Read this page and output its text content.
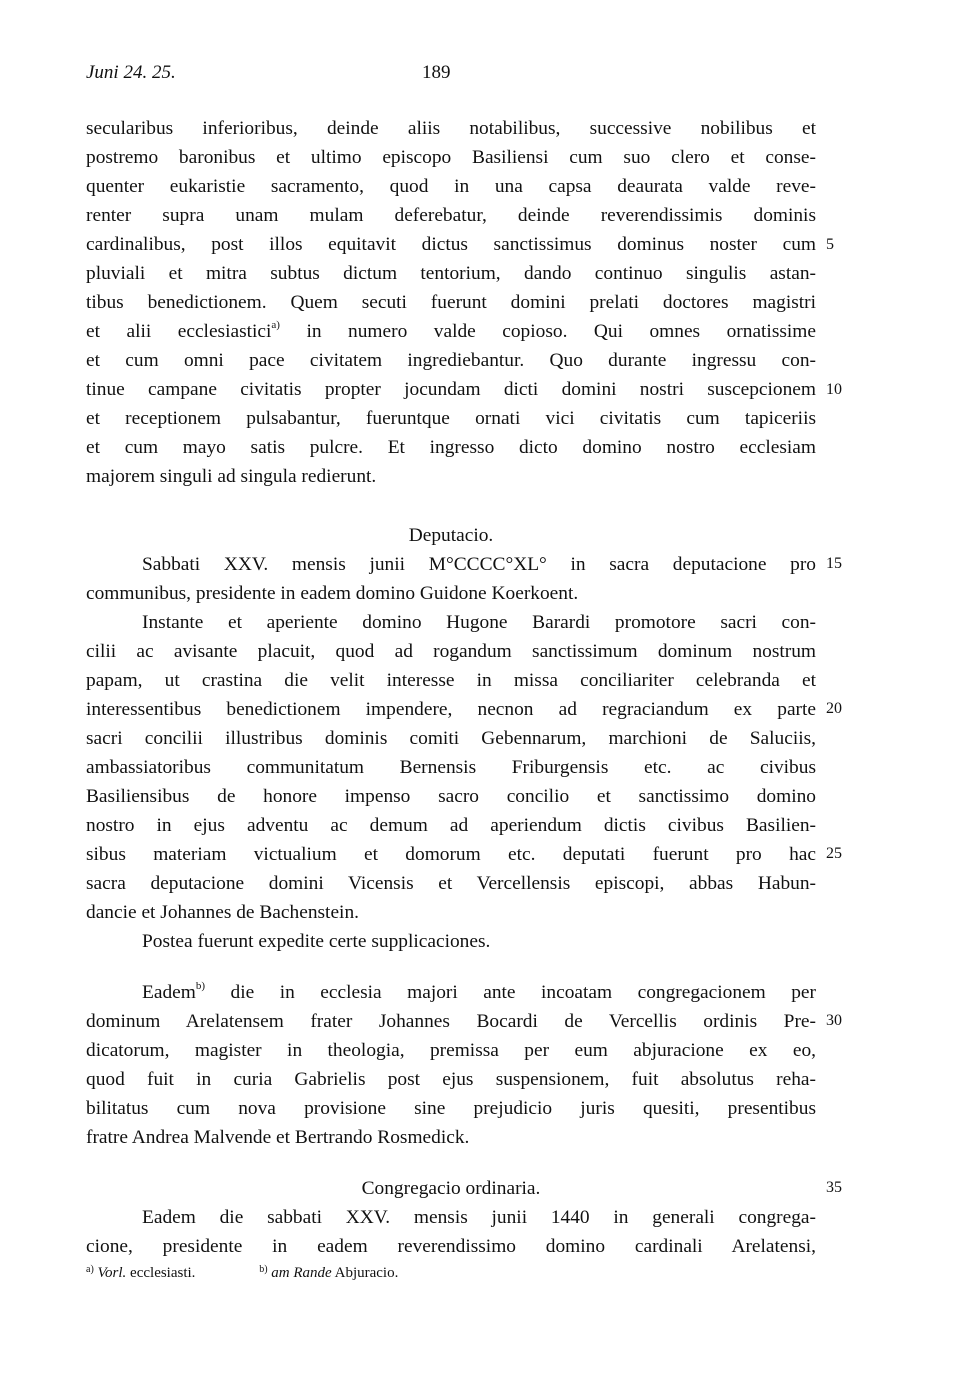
Juni 24. 25.	189
secularibus inferioribus, deinde aliis notabilibus, successive nobilibus et
postremo baronibus et ultimo episcopo Basiliensi cum suo clero et conse-
quenter eukaristie sacramento, quod in una capsa deaurata valde reve-
renter supra unam mulam deferebatur, deinde reverendissimis dominis
cardinalibus, post illos equitavit dictus sanctissimus dominus noster cum
pluviali et mitra subtus dictum tentorium, dando continuo singulis astan-
tibus benedictionem. Quem secuti fuerunt domini prelati doctores magistri
et alii ecclesiastici$^{a)}$ in numero valde copioso. Qui omnes ornatissime
et cum omni pace civitatem ingrediebantur. Quo durante ingressu con-
tinue campane civitatis propter jocundam dicti domini nostri suscepcionem
et receptionem pulsabantur, fueruntque ornati vici civitatis cum tapiceriis
et cum mayo satis pulcre. Et ingresso dicto domino nostro ecclesiam
majorem singuli ad singula redierunt.
Deputacio.
Sabbati XXV. mensis junii M°CCCC°XL° in sacra deputacione pro
communibus, presidente in eadem domino Guidone Koerkoent.
Instante et aperiente domino Hugone Barardi promotore sacri con-
cilii ac avisante placuit, quod ad rogandum sanctissimum dominum nostrum
papam, ut crastina die velit interesse in missa conciliariter celebranda et
interessentibus benedictionem impendere, necnon ad regraciandum ex parte
sacri concilii illustribus dominis comiti Gebennarum, marchioni de Saluciis,
ambassiatoribus communitatum Bernensis Friburgensis etc. ac civibus
Basiliensibus de honore impenso sacro concilio et sanctissimo domino
nostro in ejus adventu ac demum ad aperiendum dictis civibus Basilien-
sibus materiam victualium et domorum etc. deputati fuerunt pro hac
sacra deputacione domini Vicensis et Vercellensis episcopi, abbas Habun-
dancie et Johannes de Bachenstein.
Postea fuerunt expedite certe supplicaciones.
Eadem$^{b)}$ die in ecclesia majori ante incoatam congregacionem per
dominum Arelatensem frater Johannes Bocardi de Vercellis ordinis Pre-
dicatorum, magister in theologia, premissa per eum abjuracione ex eo,
quod fuit in curia Gabrielis post ejus suspensionem, fuit absolutus reha-
bilitatus cum nova provisione sine prejudicio juris quesiti, presentibus
fratre Andrea Malvende et Bertrando Rosmedick.
Congregacio ordinaria.
Eadem die sabbati XXV. mensis junii 1440 in generali congrega-
cione, presidente in eadem reverendissimo domino cardinali Arelatensi,
5
10
15
20
25
30
35
$^{a)}$ Vorl. ecclesiasti.	$^{b)}$ am Rande Abjuracio.
